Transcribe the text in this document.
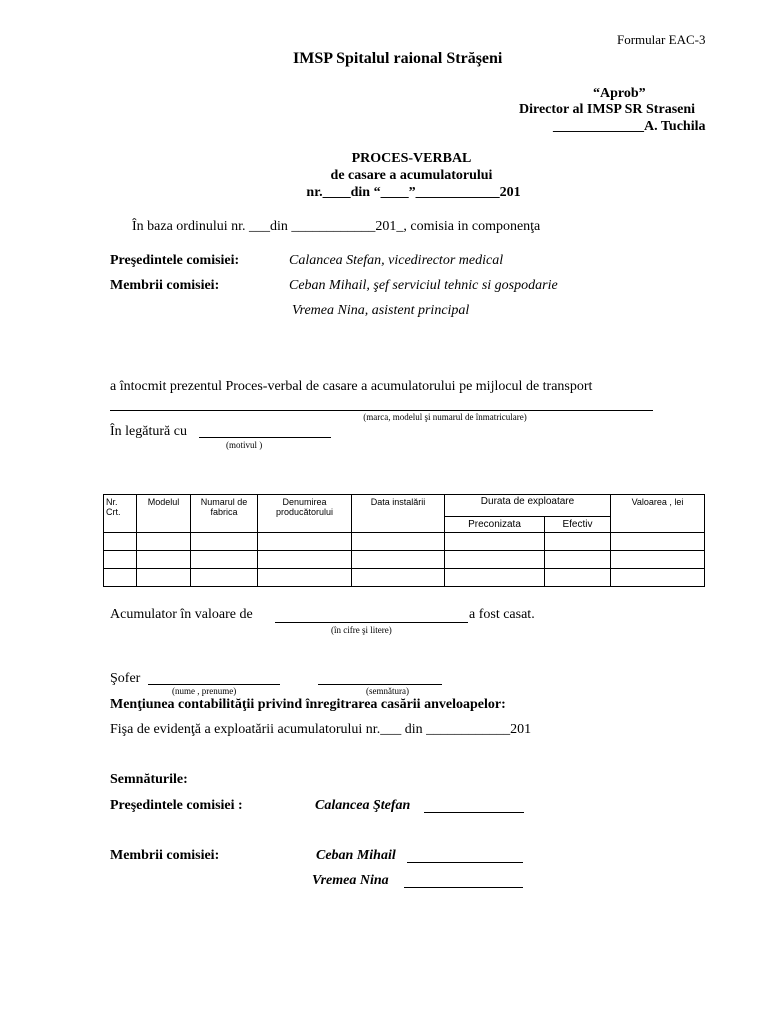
Formular EAC-3
IMSP Spitalul raional Străşeni
“Aprob”
Director al IMSP SR Straseni
_____________A. Tuchila
PROCES-VERBAL
de casare a acumulatorului
nr.____din “____”____________201
În baza ordinului nr. ___din ____________201_, comisia in componenţa
Preşedintele comisiei:	Calancea Stefan, vicedirector medical
Membrii comisiei:	Ceban Mihail, şef serviciul tehnic si gospodarie
Vremea Nina, asistent principal
a întocmit prezentul Proces-verbal de casare a acumulatorului pe mijlocul de transport
(marca, modelul şi numarul de înmatriculare)
În legătură cu
(motivul )
Nr. Crt.	Modelul	Numarul de fabrica	Denumirea producătorului	Data instalării	Durata de exploatare		Valoarea , lei
					Preconizata	Efectiv	

Acumulator în valoare de	a fost casat.
(în cifre şi litere)
Şofer
(nume , prenume)	(semnătura)
Menţiunea contabilităţii privind înregitrarea casării anveloapelor:
Fişa de evidenţă a exploatării acumulatorului nr.___ din ____________201
Semnăturile:
Preşedintele comisiei :	Calancea Ştefan
Membrii comisiei:	Ceban Mihail
Vremea Nina
